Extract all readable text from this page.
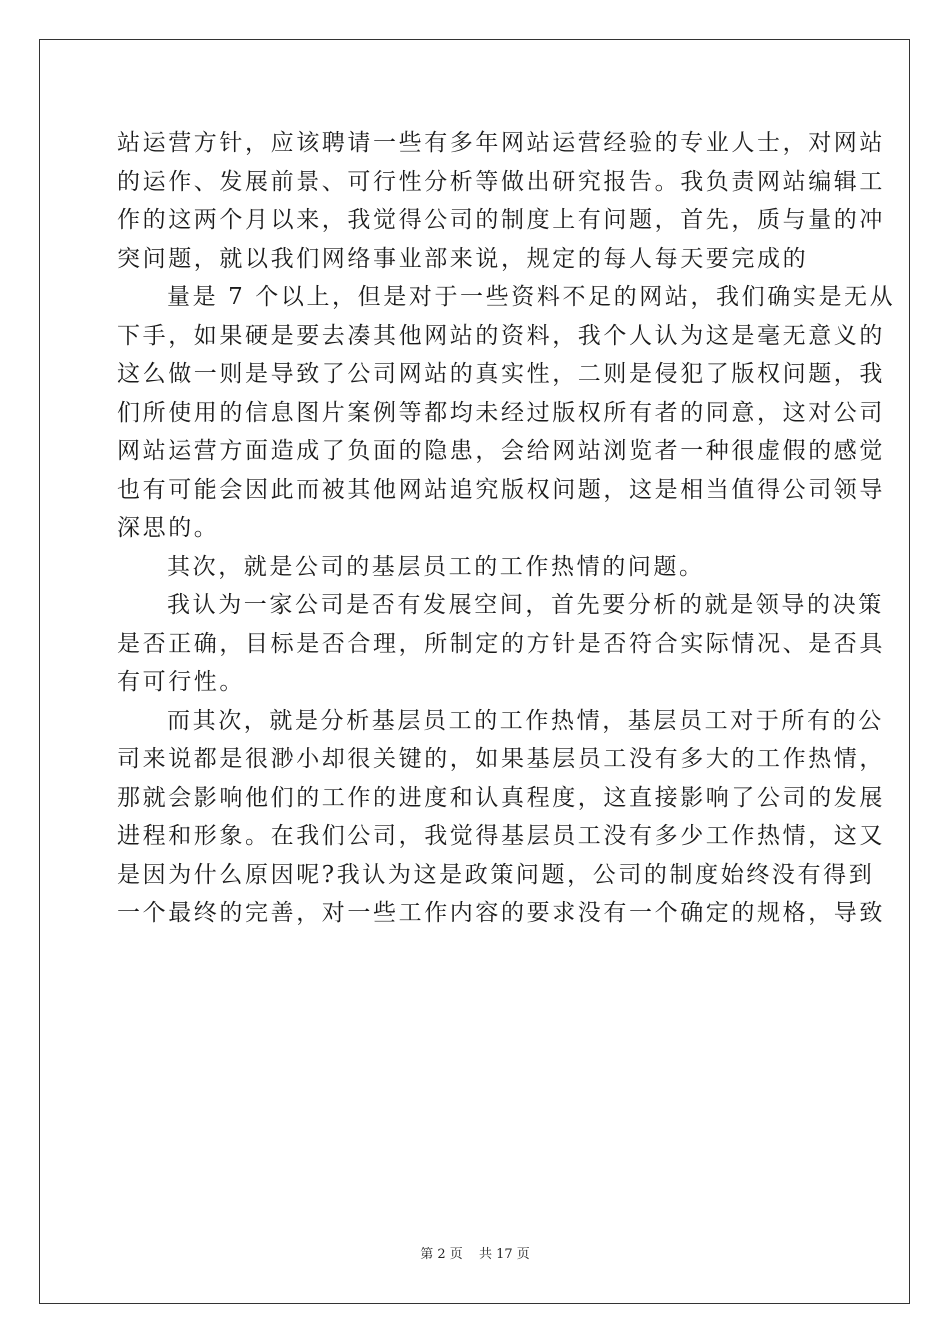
站运营方针，应该聘请一些有多年网站运营经验的专业人士，对网站
的运作、发展前景、可行性分析等做出研究报告。我负责网站编辑工
作的这两个月以来，我觉得公司的制度上有问题，首先，质与量的冲
突问题，就以我们网络事业部来说，规定的每人每天要完成的
量是 7 个以上，但是对于一些资料不足的网站，我们确实是无从
下手，如果硬是要去凑其他网站的资料，我个人认为这是毫无意义的
这么做一则是导致了公司网站的真实性，二则是侵犯了版权问题，我
们所使用的信息图片案例等都均未经过版权所有者的同意，这对公司
网站运营方面造成了负面的隐患，会给网站浏览者一种很虚假的感觉
也有可能会因此而被其他网站追究版权问题，这是相当值得公司领导
深思的。
其次，就是公司的基层员工的工作热情的问题。
我认为一家公司是否有发展空间，首先要分析的就是领导的决策
是否正确，目标是否合理，所制定的方针是否符合实际情况、是否具
有可行性。
而其次，就是分析基层员工的工作热情，基层员工对于所有的公
司来说都是很渺小却很关键的，如果基层员工没有多大的工作热情，
那就会影响他们的工作的进度和认真程度，这直接影响了公司的发展
进程和形象。在我们公司，我觉得基层员工没有多少工作热情，这又
是因为什么原因呢?我认为这是政策问题，公司的制度始终没有得到
一个最终的完善，对一些工作内容的要求没有一个确定的规格，导致
第 2 页 共 17 页
